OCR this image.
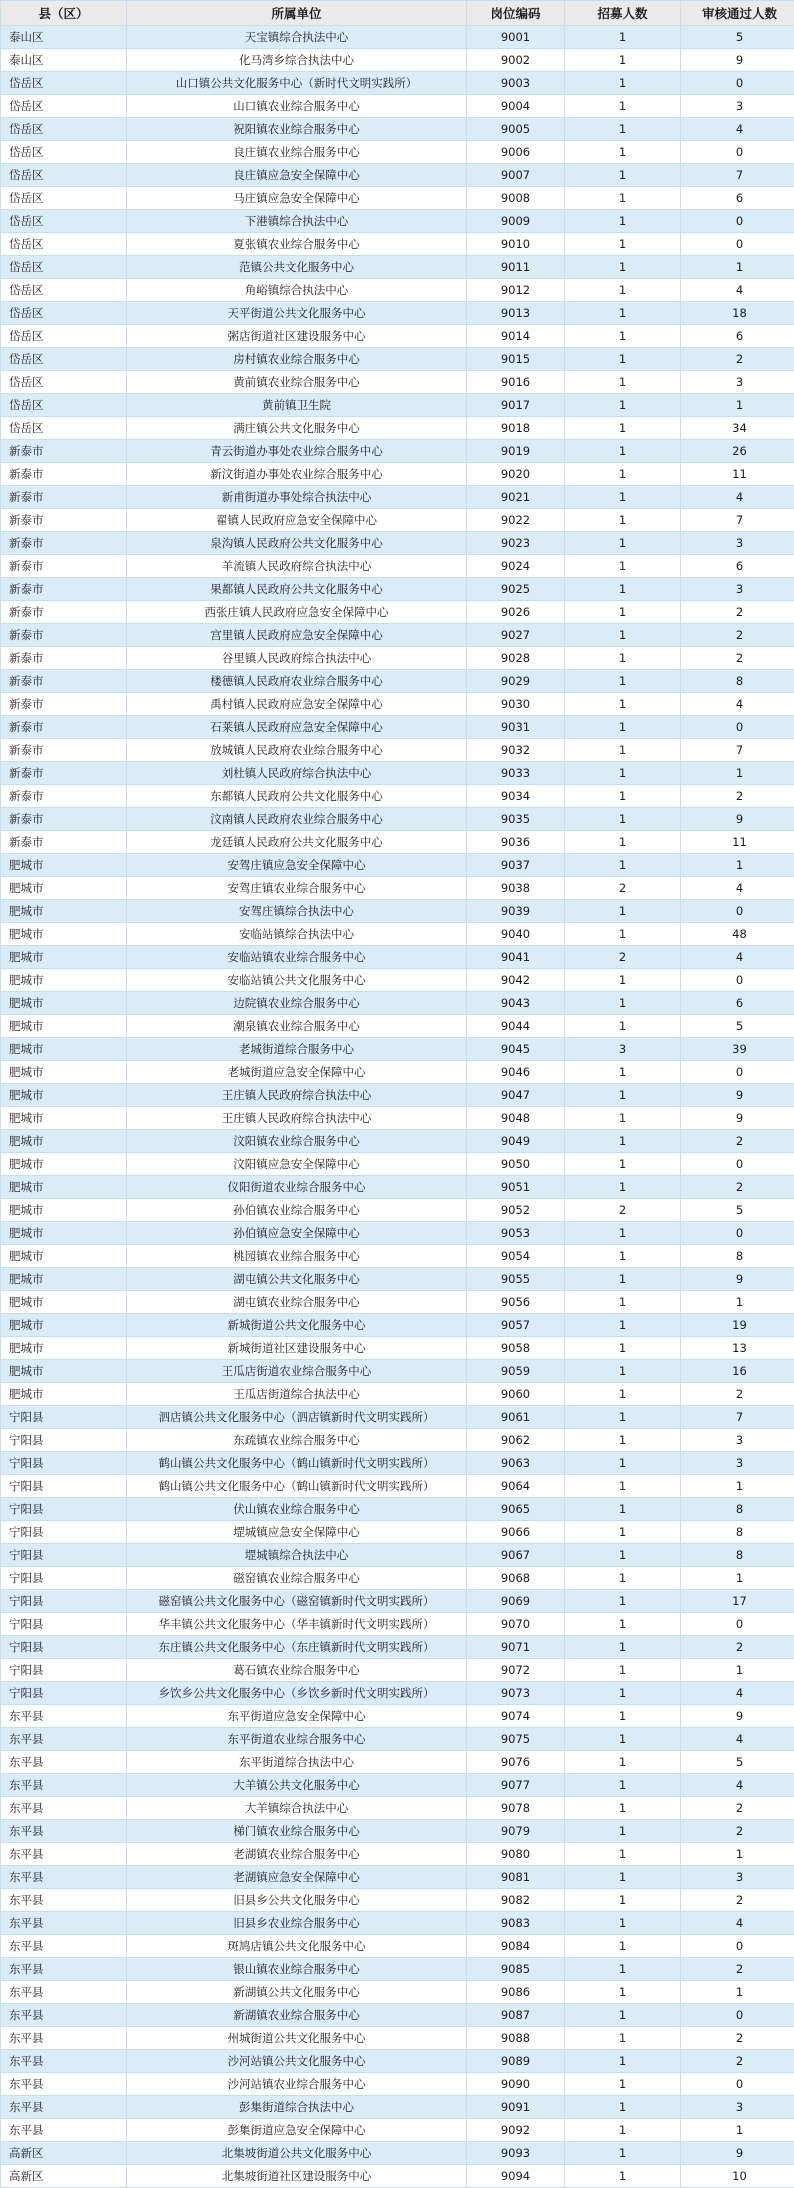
县（区）	所属单位	岗位编码	招募人数	审核通过人数
泰山区	天宝镇综合执法中心	9001	1	5
泰山区	化马湾乡综合执法中心	9002	1	9
岱岳区	山口镇公共文化服务中心（新时代文明实践所）	9003	1	0
岱岳区	山口镇农业综合服务中心	9004	1	3
岱岳区	祝阳镇农业综合服务中心	9005	1	4
岱岳区	良庄镇农业综合服务中心	9006	1	0
岱岳区	良庄镇应急安全保障中心	9007	1	7
岱岳区	马庄镇应急安全保障中心	9008	1	6
岱岳区	下港镇综合执法中心	9009	1	0
岱岳区	夏张镇农业综合服务中心	9010	1	0
岱岳区	范镇公共文化服务中心	9011	1	1
岱岳区	角峪镇综合执法中心	9012	1	4
岱岳区	天平街道公共文化服务中心	9013	1	18
岱岳区	粥店街道社区建设服务中心	9014	1	6
岱岳区	房村镇农业综合服务中心	9015	1	2
岱岳区	黄前镇农业综合服务中心	9016	1	3
岱岳区	黄前镇卫生院	9017	1	1
岱岳区	满庄镇公共文化服务中心	9018	1	34
新泰市	青云街道办事处农业综合服务中心	9019	1	26
新泰市	新汶街道办事处农业综合服务中心	9020	1	11
新泰市	新甫街道办事处综合执法中心	9021	1	4
新泰市	翟镇人民政府应急安全保障中心	9022	1	7
新泰市	泉沟镇人民政府公共文化服务中心	9023	1	3
新泰市	羊流镇人民政府综合执法中心	9024	1	6
新泰市	果都镇人民政府公共文化服务中心	9025	1	3
新泰市	西张庄镇人民政府应急安全保障中心	9026	1	2
新泰市	宫里镇人民政府应急安全保障中心	9027	1	2
新泰市	谷里镇人民政府综合执法中心	9028	1	2
新泰市	楼德镇人民政府农业综合服务中心	9029	1	8
新泰市	禹村镇人民政府应急安全保障中心	9030	1	4
新泰市	石莱镇人民政府应急安全保障中心	9031	1	0
新泰市	放城镇人民政府农业综合服务中心	9032	1	7
新泰市	刘杜镇人民政府综合执法中心	9033	1	1
新泰市	东都镇人民政府公共文化服务中心	9034	1	2
新泰市	汶南镇人民政府农业综合服务中心	9035	1	9
新泰市	龙廷镇人民政府公共文化服务中心	9036	1	11
肥城市	安驾庄镇应急安全保障中心	9037	1	1
肥城市	安驾庄镇农业综合服务中心	9038	2	4
肥城市	安驾庄镇综合执法中心	9039	1	0
肥城市	安临站镇综合执法中心	9040	1	48
肥城市	安临站镇农业综合服务中心	9041	2	4
肥城市	安临站镇公共文化服务中心	9042	1	0
肥城市	边院镇农业综合服务中心	9043	1	6
肥城市	潮泉镇农业综合服务中心	9044	1	5
肥城市	老城街道综合服务中心	9045	3	39
肥城市	老城街道应急安全保障中心	9046	1	0
肥城市	王庄镇人民政府综合执法中心	9047	1	9
肥城市	王庄镇人民政府综合执法中心	9048	1	9
肥城市	汶阳镇农业综合服务中心	9049	1	2
肥城市	汶阳镇应急安全保障中心	9050	1	0
肥城市	仪阳街道农业综合服务中心	9051	1	2
肥城市	孙伯镇农业综合服务中心	9052	2	5
肥城市	孙伯镇应急安全保障中心	9053	1	0
肥城市	桃园镇农业综合服务中心	9054	1	8
肥城市	湖屯镇公共文化服务中心	9055	1	9
肥城市	湖屯镇农业综合服务中心	9056	1	1
肥城市	新城街道公共文化服务中心	9057	1	19
肥城市	新城街道社区建设服务中心	9058	1	13
肥城市	王瓜店街道农业综合服务中心	9059	1	16
肥城市	王瓜店街道综合执法中心	9060	1	2
宁阳县	泗店镇公共文化服务中心（泗店镇新时代文明实践所）	9061	1	7
宁阳县	东疏镇农业综合服务中心	9062	1	3
宁阳县	鹤山镇公共文化服务中心（鹤山镇新时代文明实践所）	9063	1	3
宁阳县	鹤山镇公共文化服务中心（鹤山镇新时代文明实践所）	9064	1	1
宁阳县	伏山镇农业综合服务中心	9065	1	8
宁阳县	堽城镇应急安全保障中心	9066	1	8
宁阳县	堽城镇综合执法中心	9067	1	8
宁阳县	磁窑镇农业综合服务中心	9068	1	1
宁阳县	磁窑镇公共文化服务中心（磁窑镇新时代文明实践所）	9069	1	17
宁阳县	华丰镇公共文化服务中心（华丰镇新时代文明实践所）	9070	1	0
宁阳县	东庄镇公共文化服务中心（东庄镇新时代文明实践所）	9071	1	2
宁阳县	葛石镇农业综合服务中心	9072	1	1
宁阳县	乡饮乡公共文化服务中心（乡饮乡新时代文明实践所）	9073	1	4
东平县	东平街道应急安全保障中心	9074	1	9
东平县	东平街道农业综合服务中心	9075	1	4
东平县	东平街道综合执法中心	9076	1	5
东平县	大羊镇公共文化服务中心	9077	1	4
东平县	大羊镇综合执法中心	9078	1	2
东平县	梯门镇农业综合服务中心	9079	1	2
东平县	老湖镇农业综合服务中心	9080	1	1
东平县	老湖镇应急安全保障中心	9081	1	3
东平县	旧县乡公共文化服务中心	9082	1	2
东平县	旧县乡农业综合服务中心	9083	1	4
东平县	斑鸠店镇公共文化服务中心	9084	1	0
东平县	银山镇农业综合服务中心	9085	1	2
东平县	新湖镇公共文化服务中心	9086	1	1
东平县	新湖镇农业综合服务中心	9087	1	0
东平县	州城街道公共文化服务中心	9088	1	2
东平县	沙河站镇公共文化服务中心	9089	1	2
东平县	沙河站镇农业综合服务中心	9090	1	0
东平县	彭集街道综合执法中心	9091	1	3
东平县	彭集街道应急安全保障中心	9092	1	1
高新区	北集坡街道公共文化服务中心	9093	1	9
高新区	北集坡街道社区建设服务中心	9094	1	10
